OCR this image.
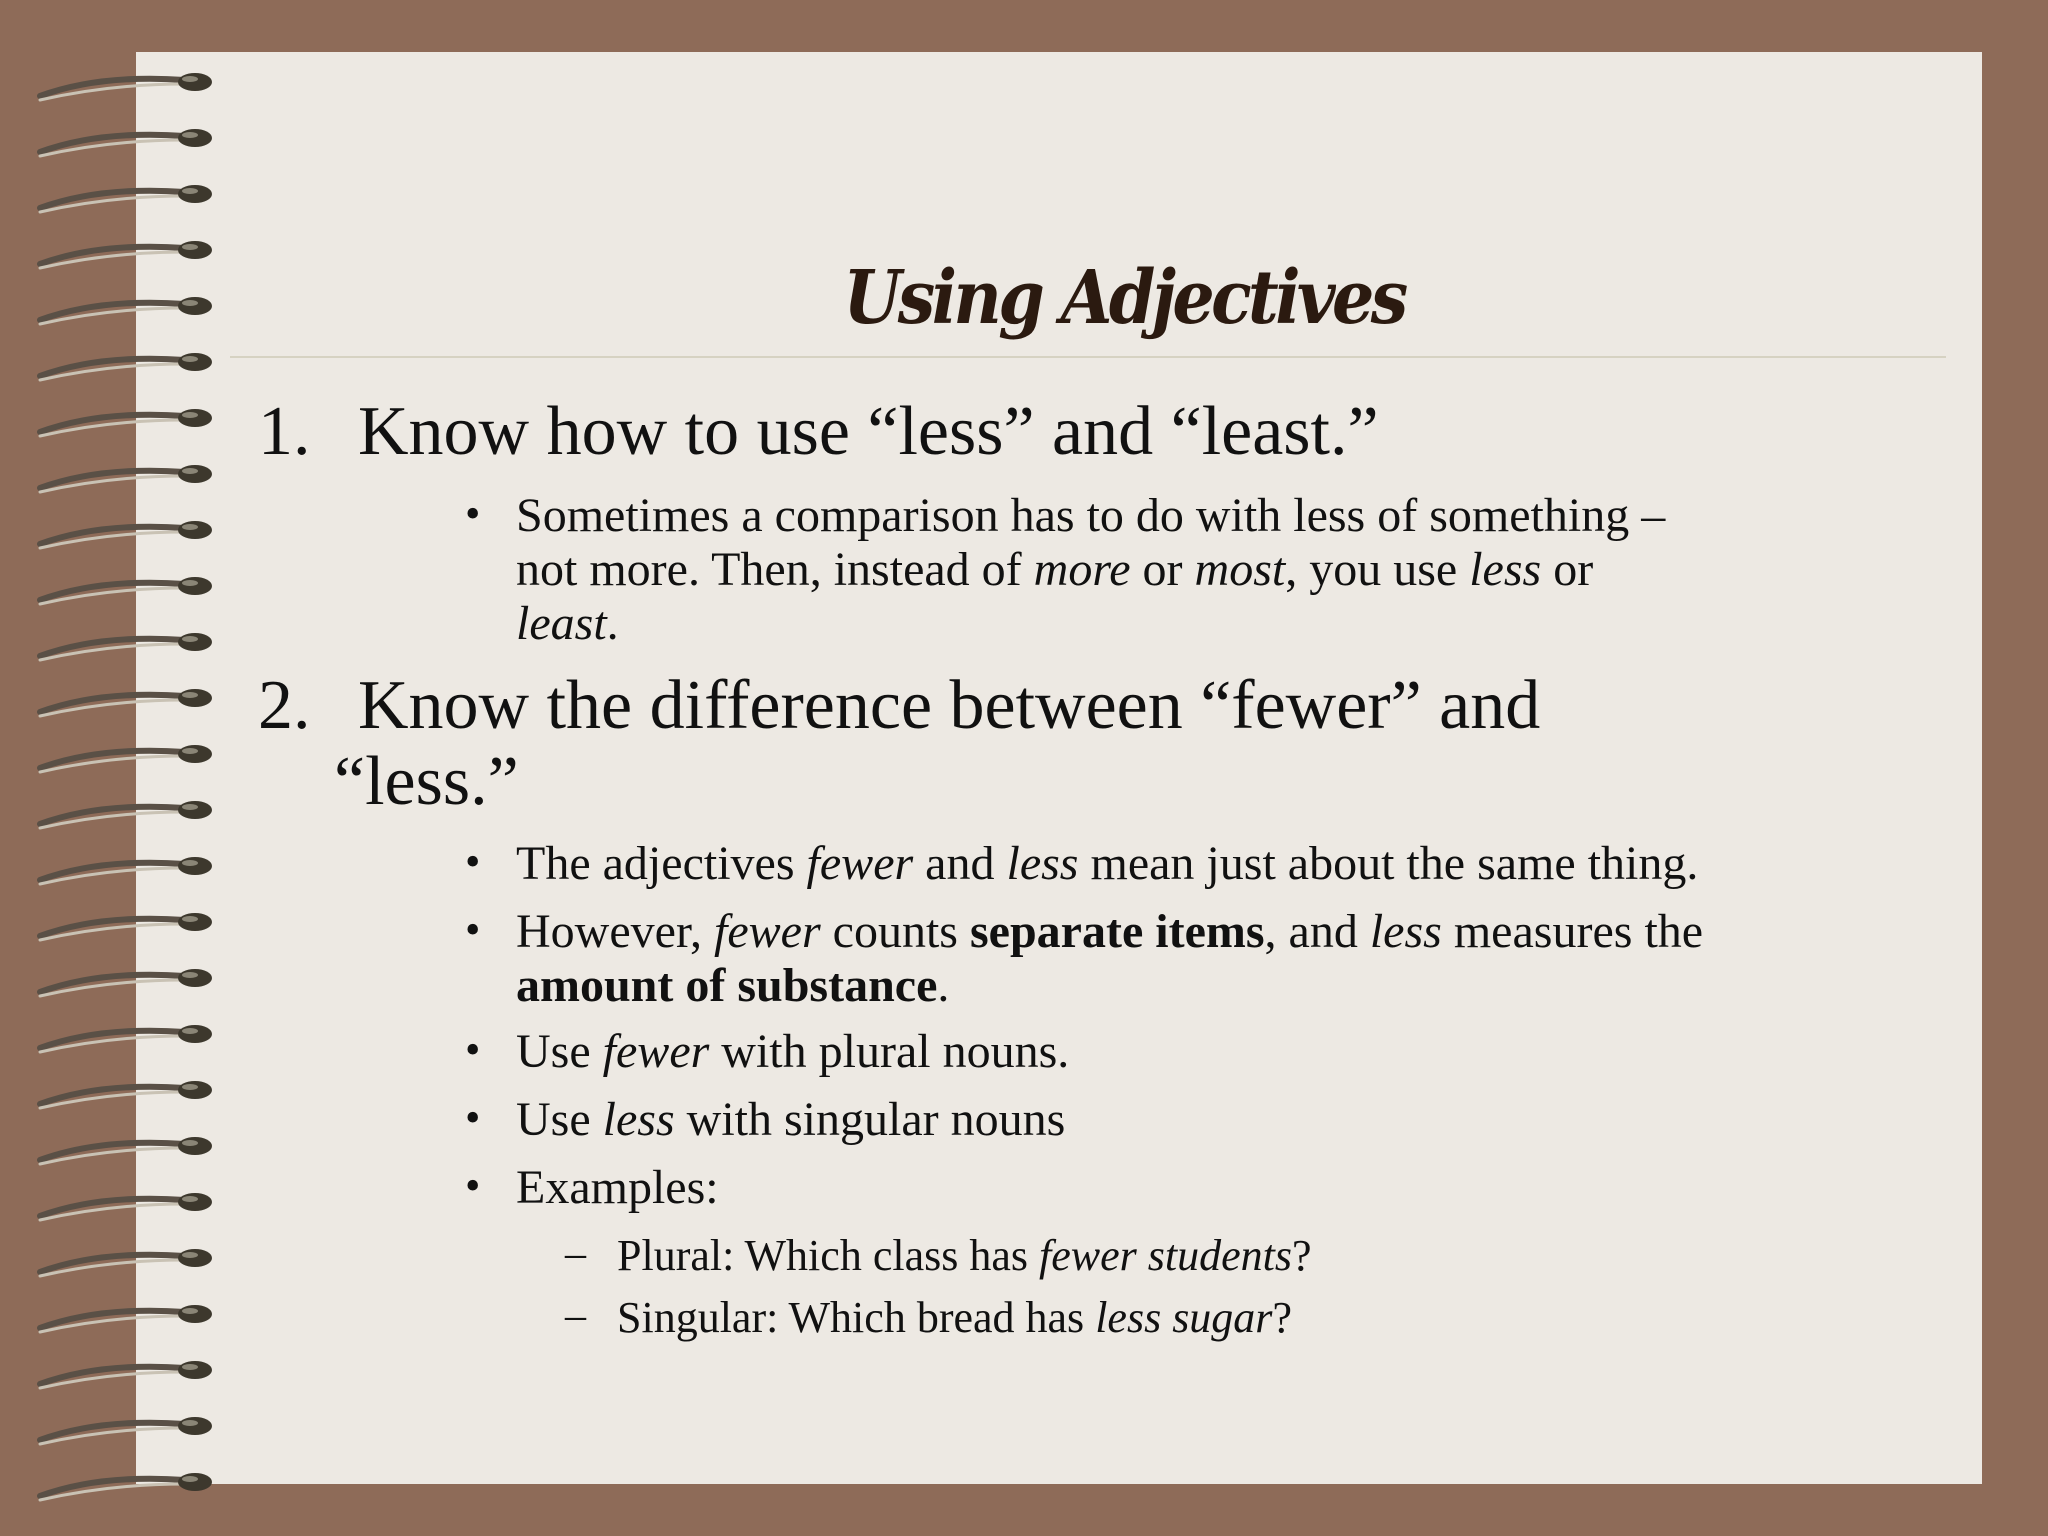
Using Adjectives
1. Know how to use “less” and “least.”
• Sometimes a comparison has to do with less of something –
not more. Then, instead of more or most, you use less or
least.
2. Know the difference between “fewer” and
“less.”
• The adjectives fewer and less mean just about the same thing.
• However, fewer counts separate items, and less measures the
amount of substance.
• Use fewer with plural nouns.
• Use less with singular nouns
• Examples:
– Plural: Which class has fewer students?
– Singular: Which bread has less sugar?
